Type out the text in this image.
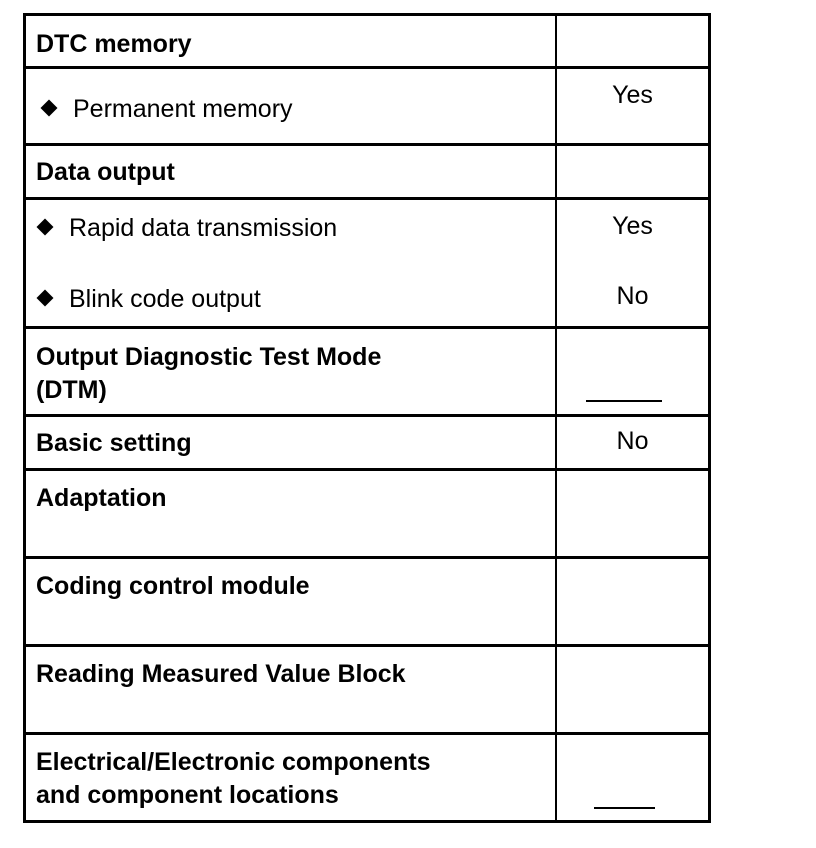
DTC memory
Permanent memory	Yes
Data output
Rapid data transmission
Blink code output
Yes
No
Output Diagnostic Test Mode
(DTM)
Basic setting	No
Adaptation
Coding control module
Reading Measured Value Block
Electrical/Electronic components
and component locations
